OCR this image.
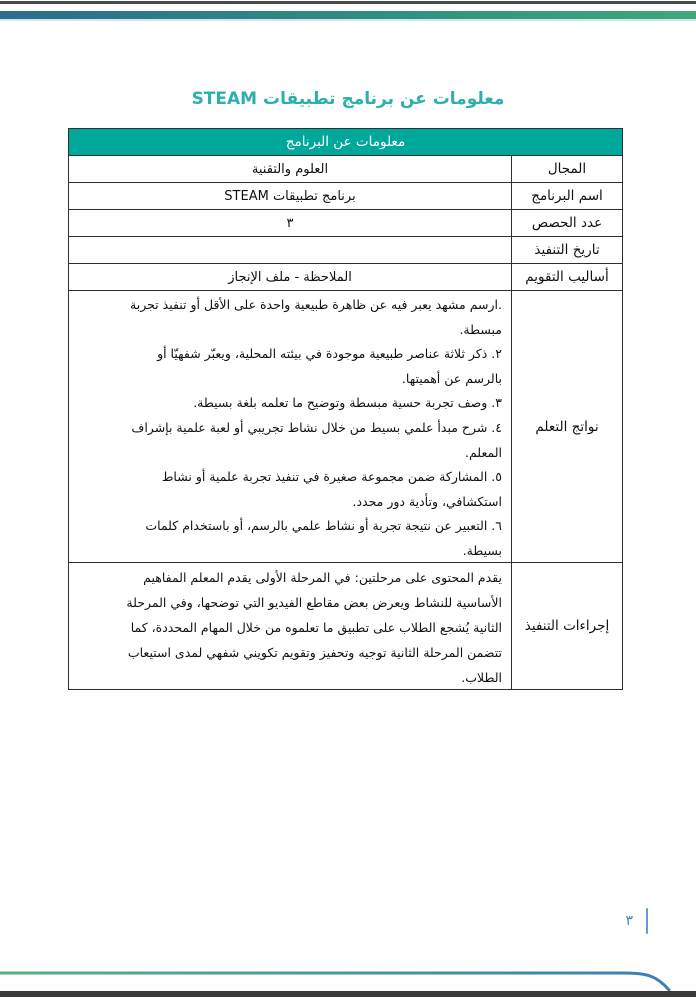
معلومات عن برنامج تطبيقات STEAM
معلومات عن البرنامج
المجال
العلوم والتقنية
اسم البرنامج
برنامج تطبيقات STEAM
عدد الحصص
٣
تاريخ التنفيذ
أساليب التقويم
الملاحظة - ملف الإنجاز
نواتج التعلم
.ارسم مشهد يعبر فيه عن ظاهرة طبيعية واحدة على الأقل أو تنفيذ تجربة
مبسطة.
٢. ذكر ثلاثة عناصر طبيعية موجودة في بيئته المحلية، ويعبّر شفهيّا أو
بالرسم عن أهميتها.
٣. وصف تجربة حسية مبسطة وتوضيح ما تعلمه بلغة بسيطة.
٤. شرح مبدأ علمي بسيط من خلال نشاط تجريبي أو لعبة علمية بإشراف
المعلم.
٥. المشاركة ضمن مجموعة صغيرة في تنفيذ تجربة علمية أو نشاط
استكشافي، وتأدية دور محدد.
٦. التعبير عن نتيجة تجربة أو نشاط علمي بالرسم، أو باستخدام كلمات
بسيطة.
إجراءات التنفيذ
يقدم المحتوى على مرحلتين: في المرحلة الأولى يقدم المعلم المفاهيم
الأساسية للنشاط ويعرض بعض مقاطع الفيديو التي توضحها، وفي المرحلة
الثانية يُشجع الطلاب على تطبيق ما تعلموه من خلال المهام المحددة، كما
تتضمن المرحلة الثانية توجيه وتحفيز وتقويم تكويني شفهي لمدى استيعاب
الطلاب.
٣
